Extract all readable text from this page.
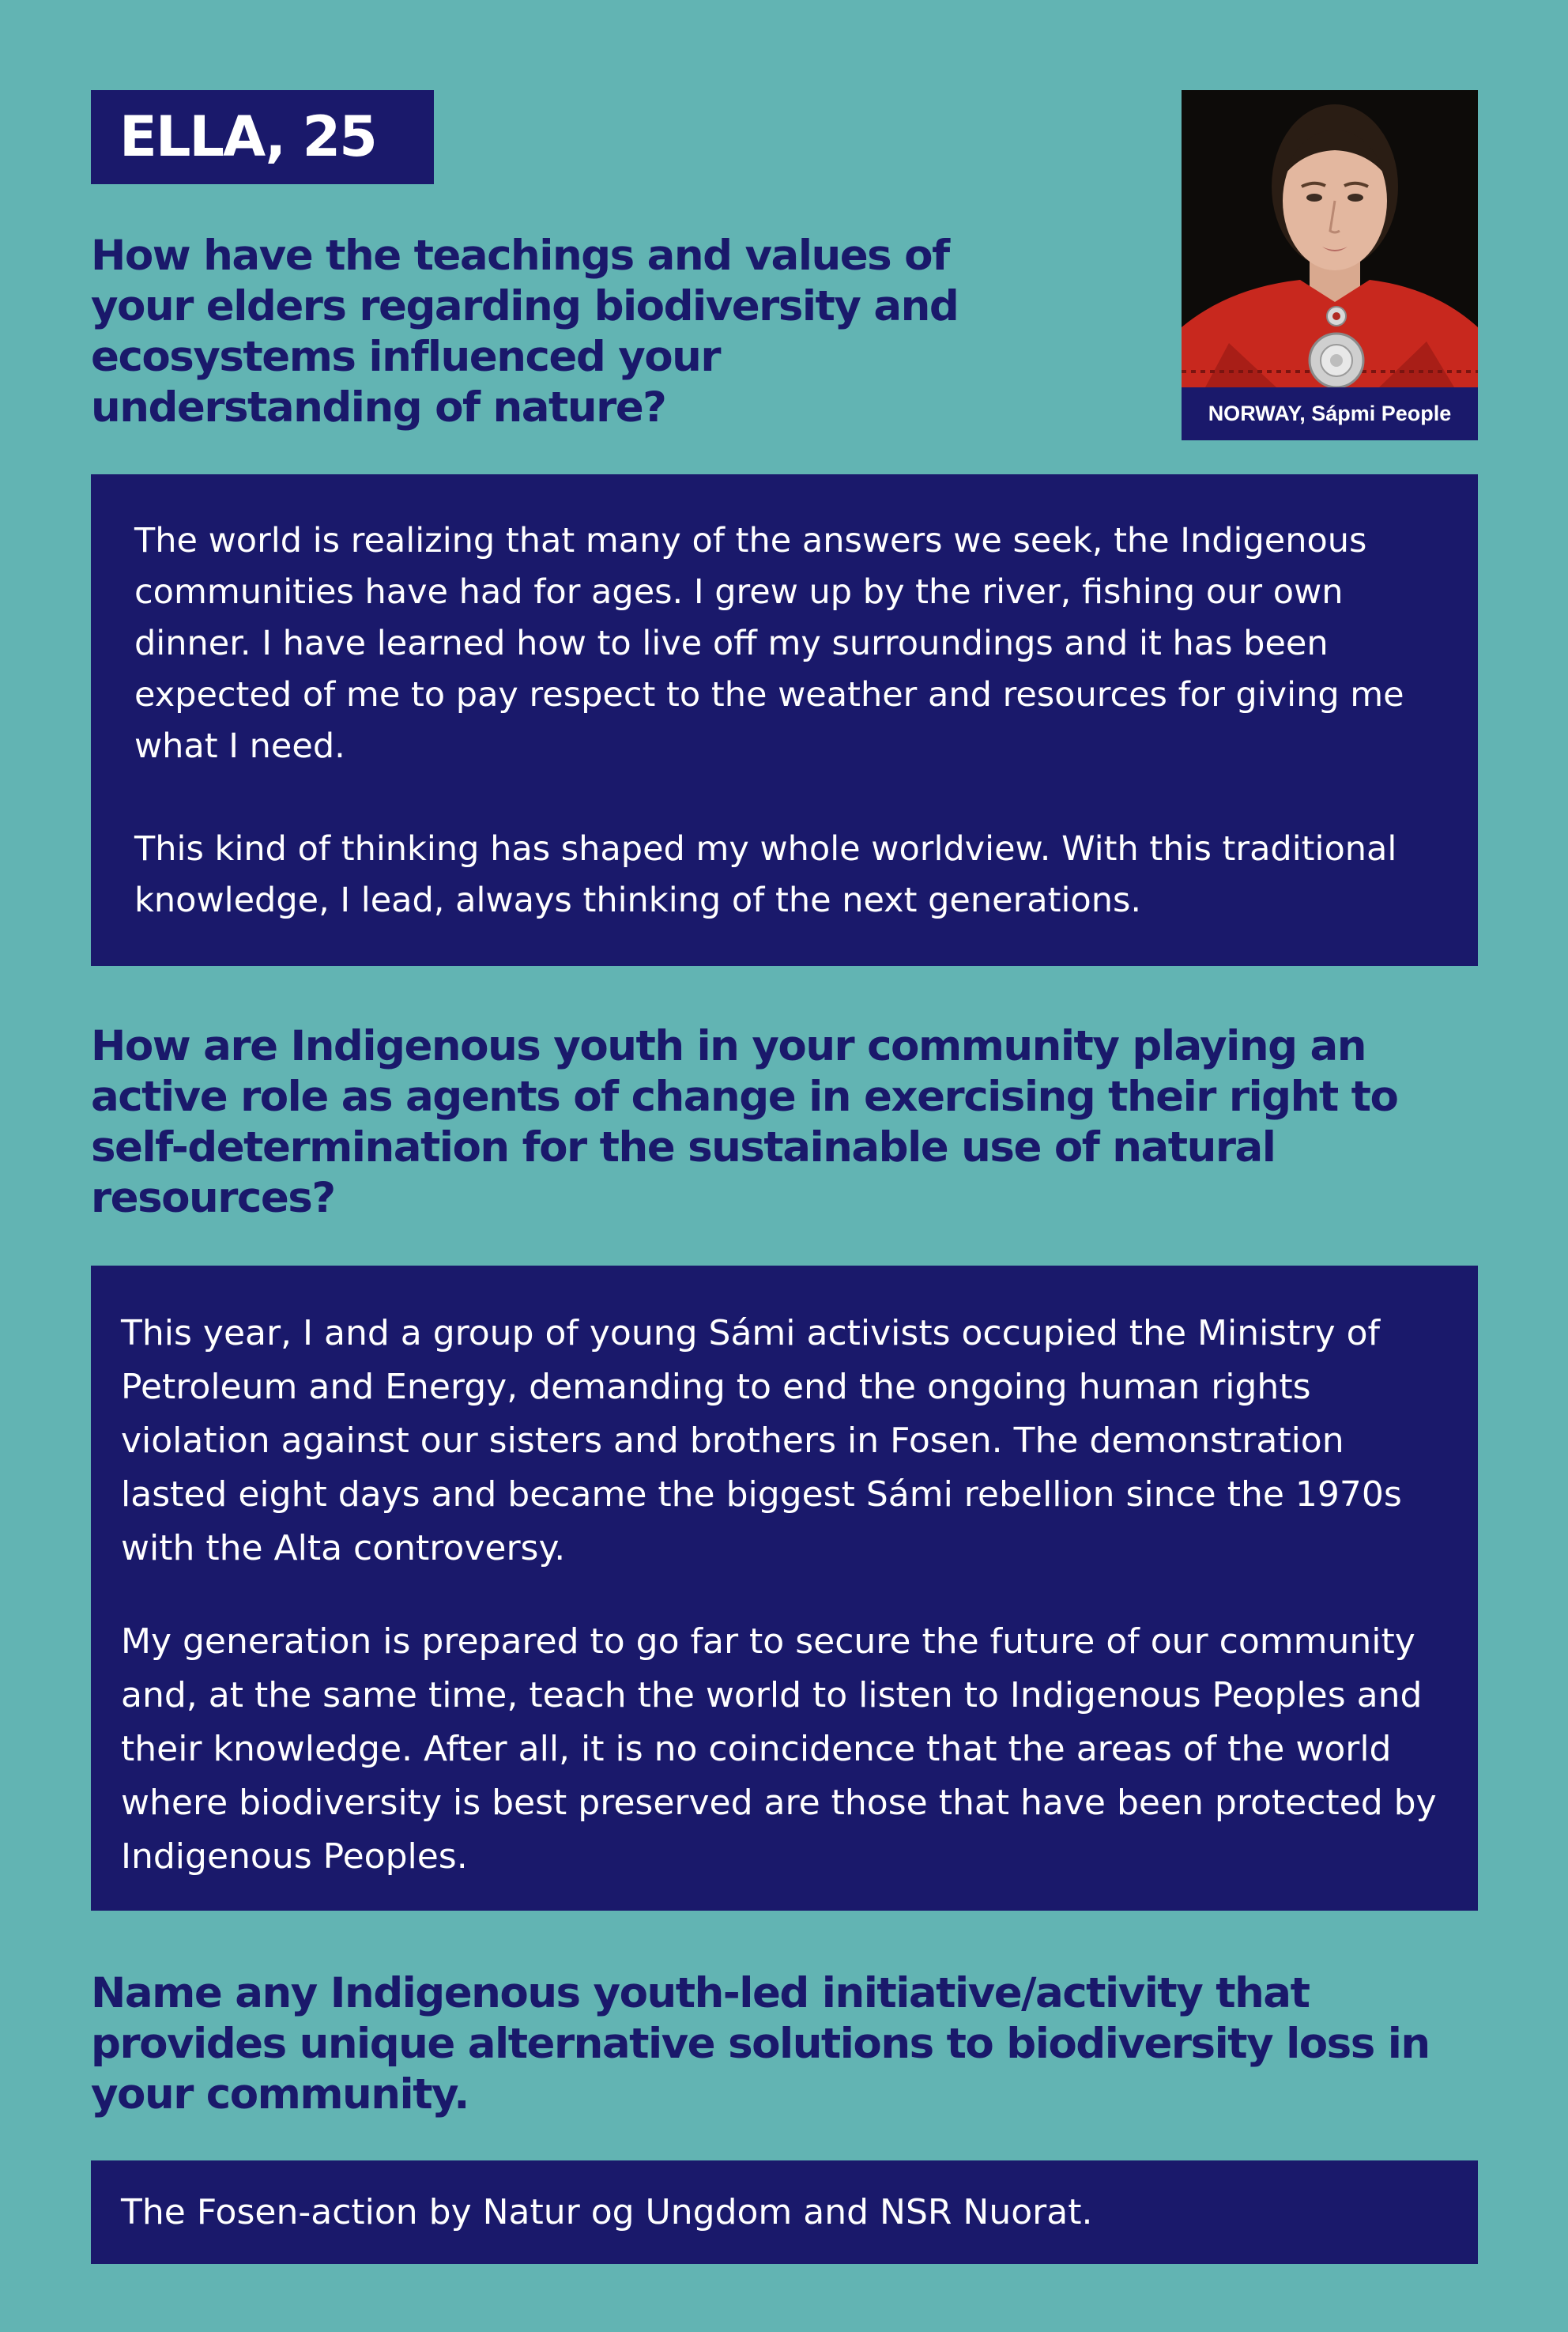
ELLA, 25
NORWAY, Sápmi People
How have the teachings and values of your elders regarding biodiversity and ecosystems influenced your understanding of nature?

The world is realizing that many of the answers we seek, the Indigenous communities have had for ages. I grew up by the river, fishing our own dinner. I have learned how to live off my surroundings and it has been expected of me to pay respect to the weather and resources for giving me what I need.

This kind of thinking has shaped my whole worldview. With this traditional knowledge, I lead, always thinking of the next generations.

How are Indigenous youth in your community playing an active role as agents of change in exercising their right to self-determination for the sustainable use of natural resources?

This year, I and a group of young Sámi activists occupied the Ministry of Petroleum and Energy, demanding to end the ongoing human rights violation against our sisters and brothers in Fosen. The demonstration lasted eight days and became the biggest Sámi rebellion since the 1970s with the Alta controversy.

My generation is prepared to go far to secure the future of our community and, at the same time, teach the world to listen to Indigenous Peoples and their knowledge. After all, it is no coincidence that the areas of the world where biodiversity is best preserved are those that have been protected by Indigenous Peoples.

Name any Indigenous youth-led initiative/activity that provides unique alternative solutions to biodiversity loss in your community.

The Fosen-action by Natur og Ungdom and NSR Nuorat.
